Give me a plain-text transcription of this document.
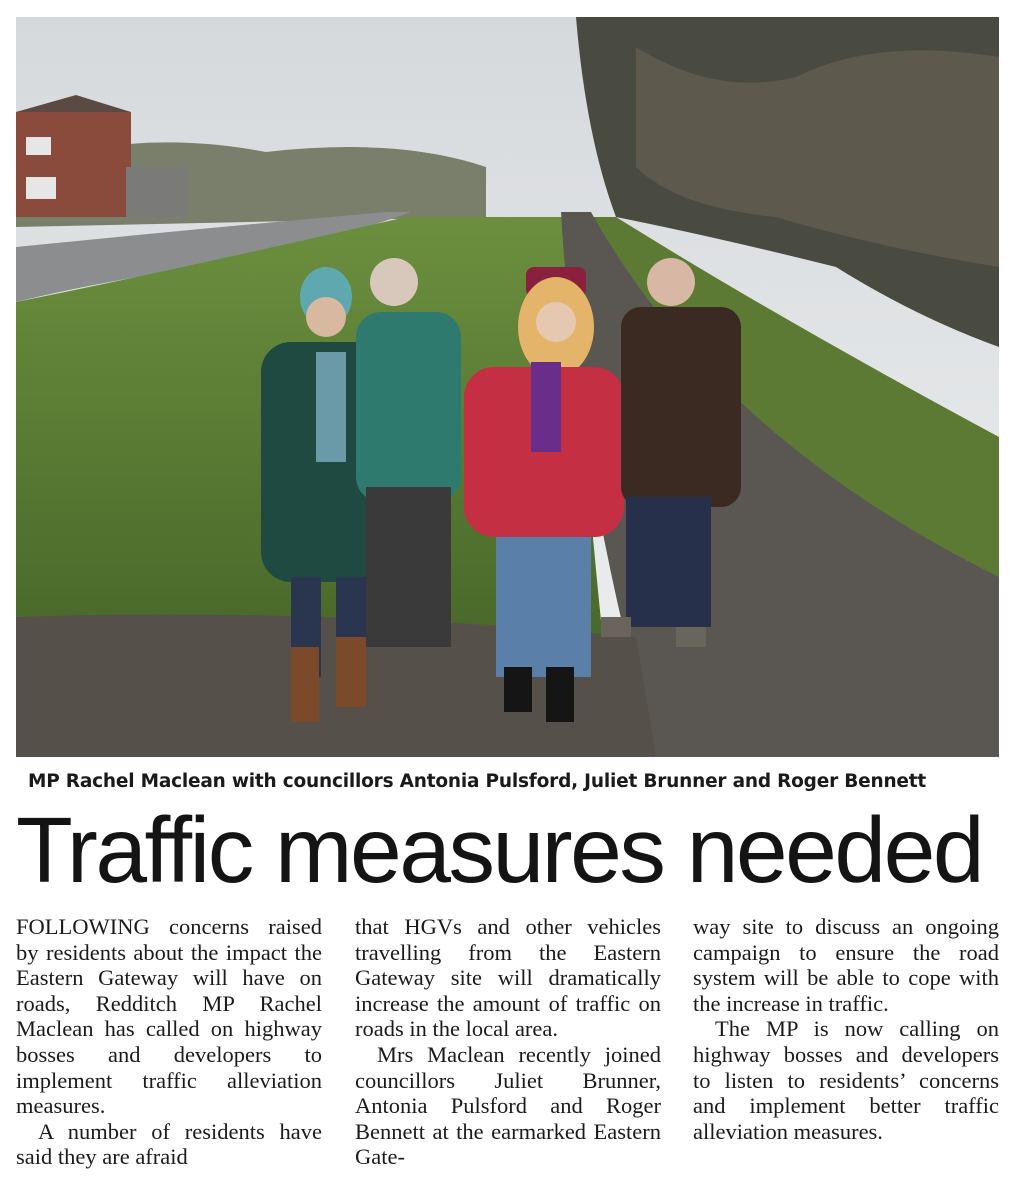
MP Rachel Maclean with councillors Antonia Pulsford, Juliet Brunner and Roger Bennett
Traffic measures needed

FOLLOWING concerns raised by residents about the impact the Eastern Gateway will have on roads, Redditch MP Rachel Maclean has called on highway bosses and developers to implement traffic alleviation measures.

A number of residents have said they are afraid

that HGVs and other vehicles travelling from the Eastern Gateway site will dramatically increase the amount of traffic on roads in the local area.

Mrs Maclean recently joined councillors Juliet Brunner, Antonia Pulsford and Roger Bennett at the earmarked Eastern Gate-

way site to discuss an ongoing campaign to ensure the road system will be able to cope with the increase in traffic.

The MP is now calling on highway bosses and developers to listen to residents’ concerns and implement better traffic alleviation measures.
